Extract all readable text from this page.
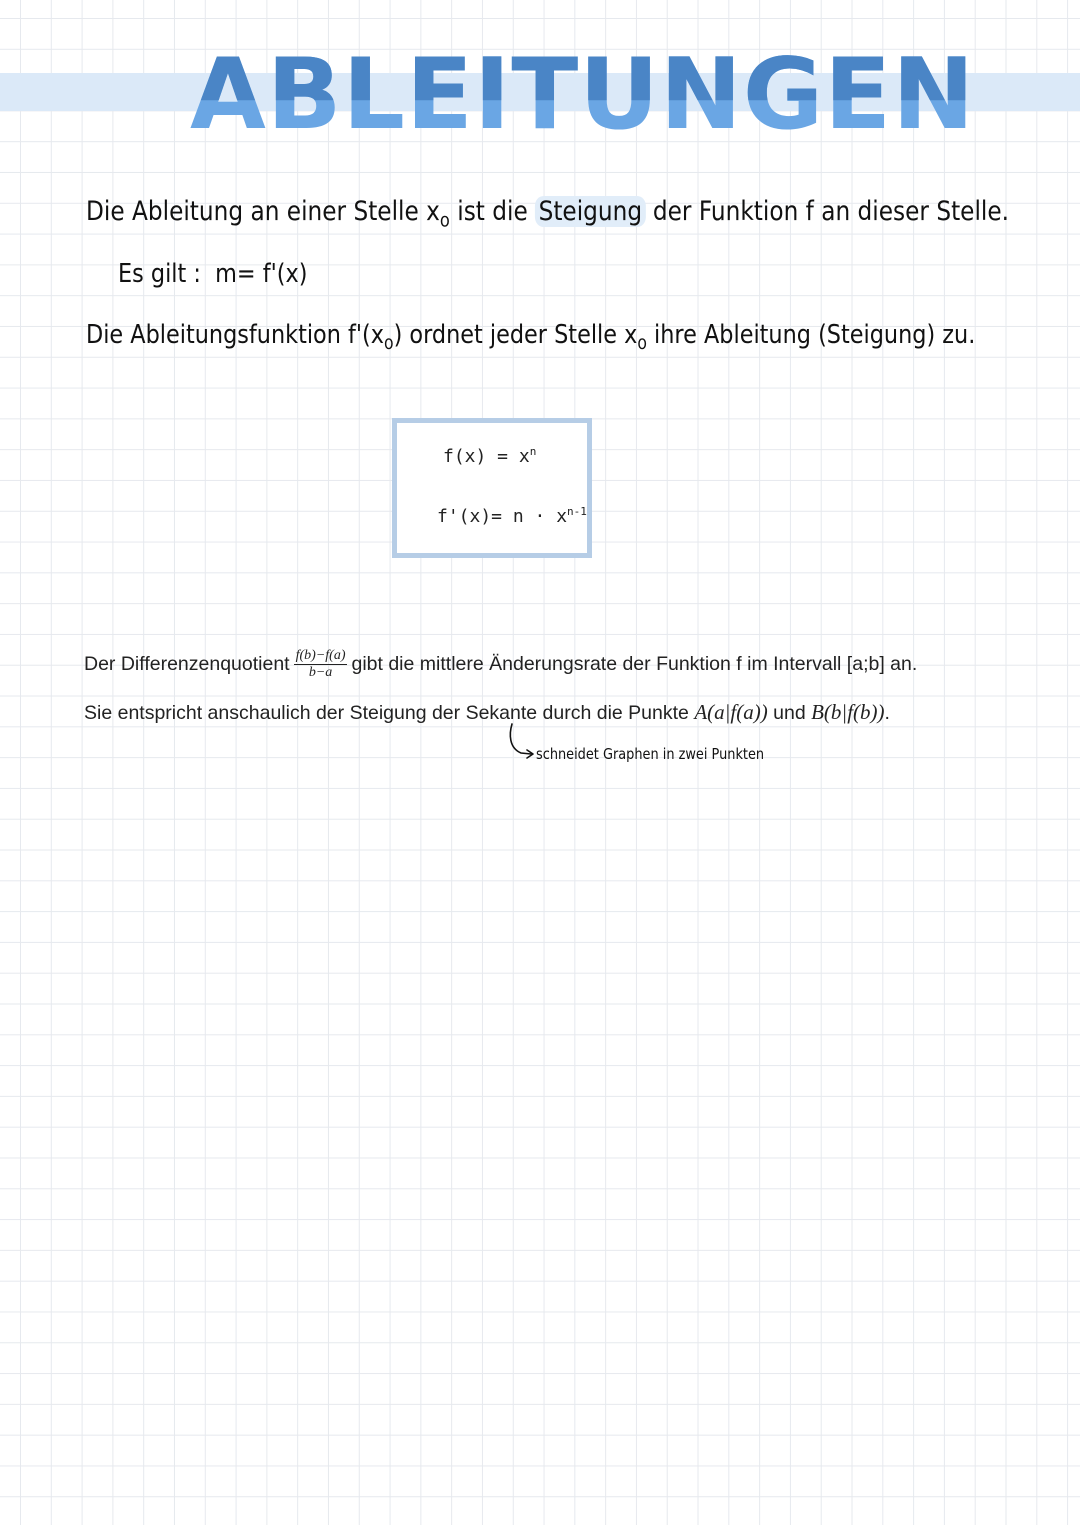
ABLEITUNGEN ABLEITUNGEN

Die Ableitung an einer Stelle $x_o$ ist die Steigung der Funktion f an dieser Stelle.

Es gilt : m= f'(x)

Die Ableitungsfunktion $f'(x_o)$ ordnet jeder Stelle $x_o$ ihre Ableitung (Steigung) zu.

$f(x) = x^n$

$f'(x)= n \cdot x^{n-1}$

Der Differenzenquotient $\frac{f(b)-f(a)}{b-a}$ gibt die mittlere Änderungsrate der Funktion f im Intervall [a;b] an.

Sie entspricht anschaulich der Steigung der Sekante durch die Punkte A(a|f(a)) und B(b|f(b)).

schneidet Graphen in zwei Punkten
